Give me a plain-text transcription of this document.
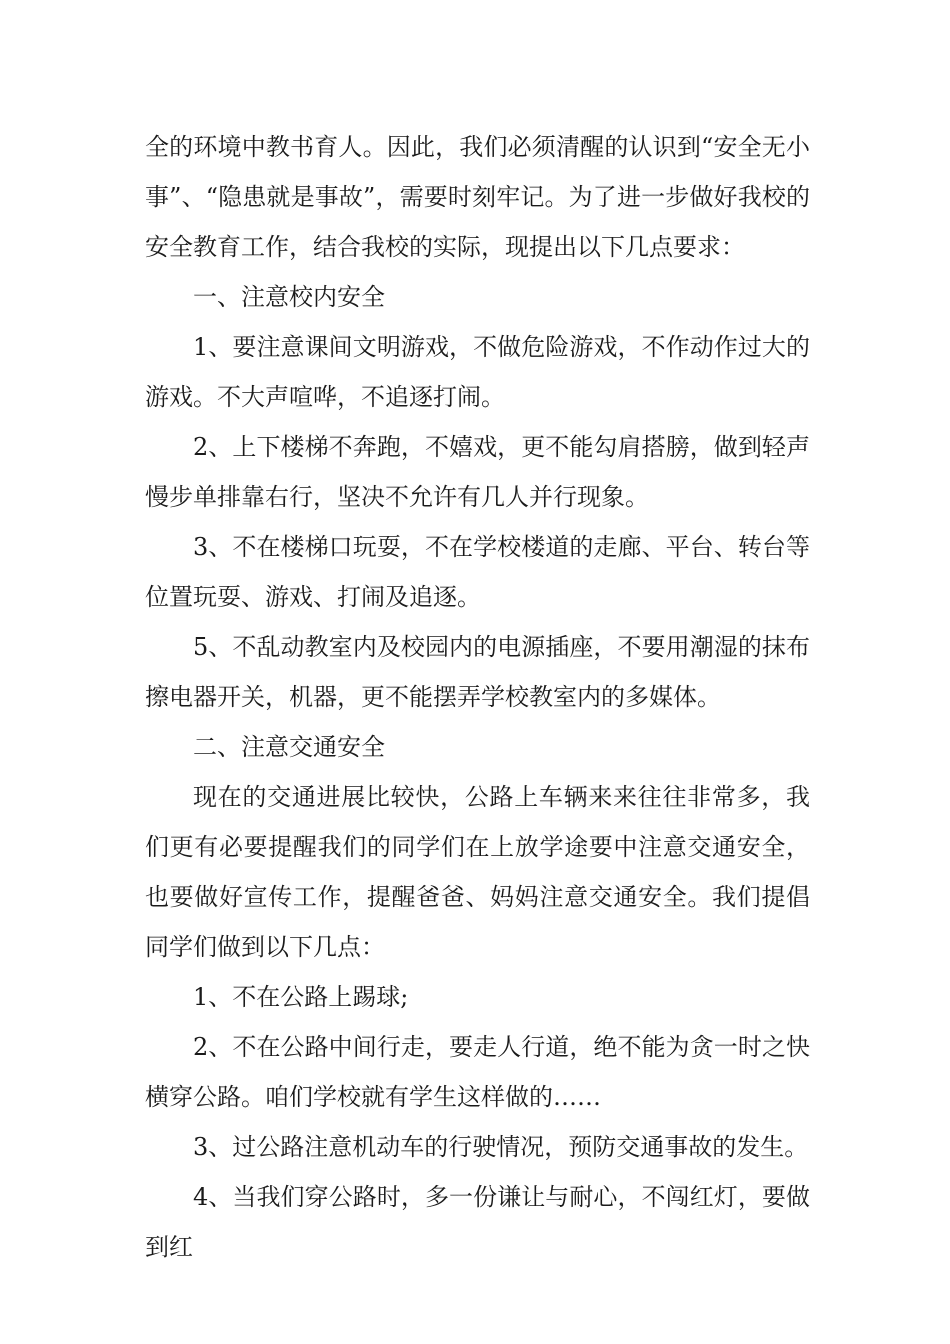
全的环境中教书育人。因此，我们必须清醒的认识到“安全无小事”、“隐患就是事故”，需要时刻牢记。为了进一步做好我校的安全教育工作，结合我校的实际，现提出以下几点要求：

一、注意校内安全

1、要注意课间文明游戏，不做危险游戏，不作动作过大的游戏。不大声喧哗，不追逐打闹。

2、上下楼梯不奔跑，不嬉戏，更不能勾肩搭膀，做到轻声慢步单排靠右行，坚决不允许有几人并行现象。

3、不在楼梯口玩耍，不在学校楼道的走廊、平台、转台等位置玩耍、游戏、打闹及追逐。

5、不乱动教室内及校园内的电源插座，不要用潮湿的抹布擦电器开关，机器，更不能摆弄学校教室内的多媒体。

二、注意交通安全

现在的交通进展比较快，公路上车辆来来往往非常多，我们更有必要提醒我们的同学们在上放学途要中注意交通安全，也要做好宣传工作，提醒爸爸、妈妈注意交通安全。我们提倡同学们做到以下几点：

1、不在公路上踢球;

2、不在公路中间行走，要走人行道，绝不能为贪一时之快横穿公路。咱们学校就有学生这样做的……

3、过公路注意机动车的行驶情况，预防交通事故的发生。

4、当我们穿公路时，多一份谦让与耐心，不闯红灯，要做到红
